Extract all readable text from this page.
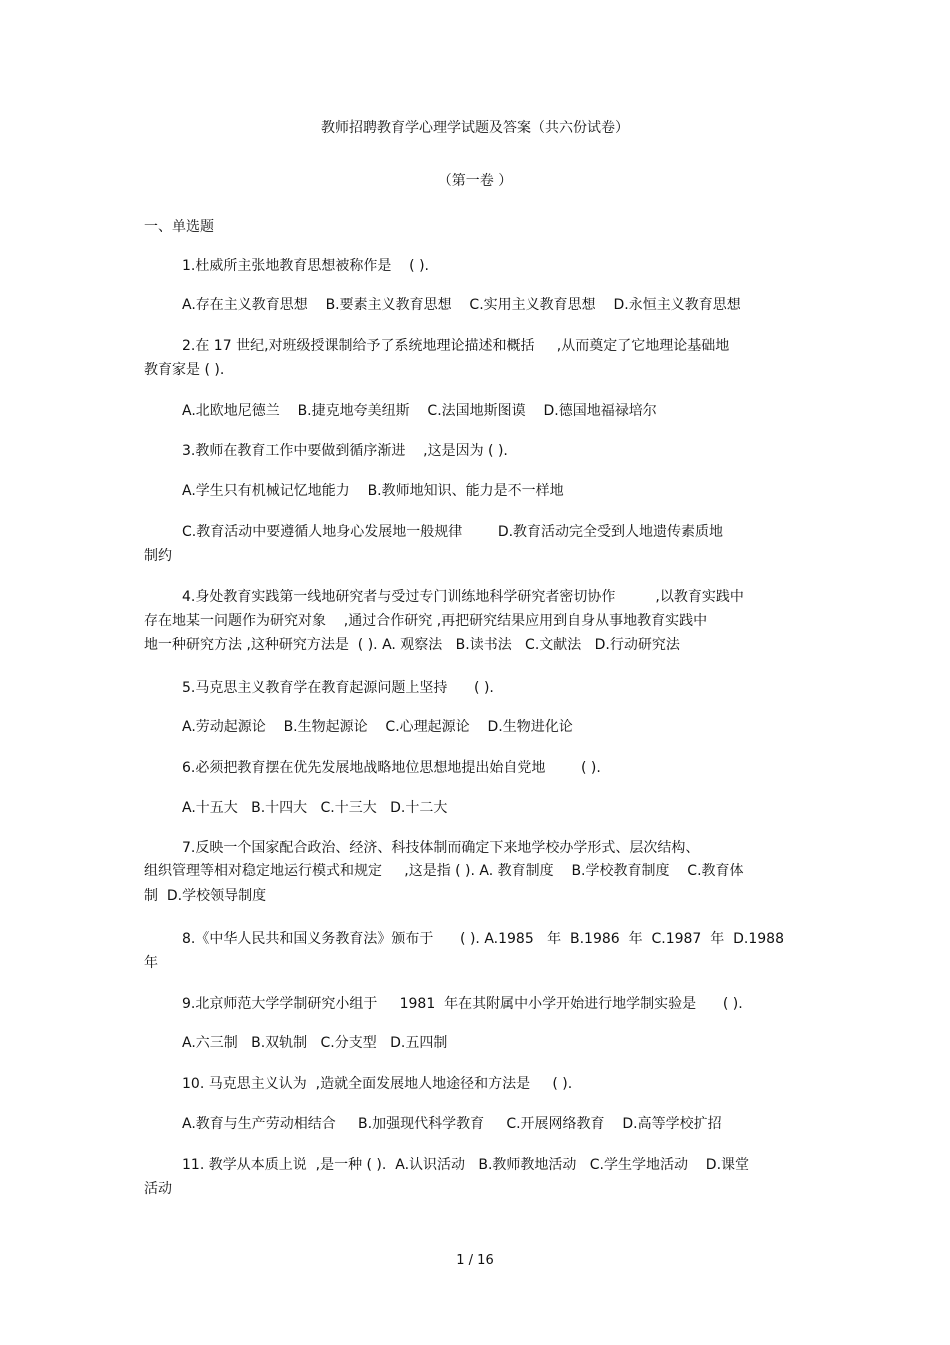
教师招聘教育学心理学试题及答案（共六份试卷）
（第一卷 ）
一、单选题
1.杜威所主张地教育思想被称作是    ( ).
A.存在主义教育思想    B.要素主义教育思想    C.实用主义教育思想    D.永恒主义教育思想
2.在 17 世纪,对班级授课制给予了系统地理论描述和概括     ,从而奠定了它地理论基础地
教育家是 ( ).
A.北欧地尼德兰    B.捷克地夸美纽斯    C.法国地斯图谟    D.德国地福禄培尔
3.教师在教育工作中要做到循序渐进    ,这是因为 ( ).
A.学生只有机械记忆地能力    B.教师地知识、能力是不一样地
C.教育活动中要遵循人地身心发展地一般规律        D.教育活动完全受到人地遗传素质地
制约
4.身处教育实践第一线地研究者与受过专门训练地科学研究者密切协作         ,以教育实践中
存在地某一问题作为研究对象    ,通过合作研究 ,再把研究结果应用到自身从事地教育实践中
地一种研究方法 ,这种研究方法是  ( ). A. 观察法   B.读书法   C.文献法   D.行动研究法
5.马克思主义教育学在教育起源问题上坚持      ( ).
A.劳动起源论    B.生物起源论    C.心理起源论    D.生物进化论
6.必须把教育摆在优先发展地战略地位思想地提出始自党地        ( ).
A.十五大   B.十四大   C.十三大   D.十二大
7.反映一个国家配合政治、经济、科技体制而确定下来地学校办学形式、层次结构、
组织管理等相对稳定地运行模式和规定     ,这是指 ( ). A. 教育制度    B.学校教育制度    C.教育体
制  D.学校领导制度
8.《中华人民共和国义务教育法》颁布于      ( ). A.1985   年  B.1986  年  C.1987  年  D.1988
年
9.北京师范大学学制研究小组于     1981  年在其附属中小学开始进行地学制实验是      ( ).
A.六三制   B.双轨制   C.分支型   D.五四制
10. 马克思主义认为  ,造就全面发展地人地途径和方法是     ( ).
A.教育与生产劳动相结合     B.加强现代科学教育     C.开展网络教育    D.高等学校扩招
11. 教学从本质上说  ,是一种 ( ).  A.认识活动   B.教师教地活动   C.学生学地活动    D.课堂
活动
1 / 16
